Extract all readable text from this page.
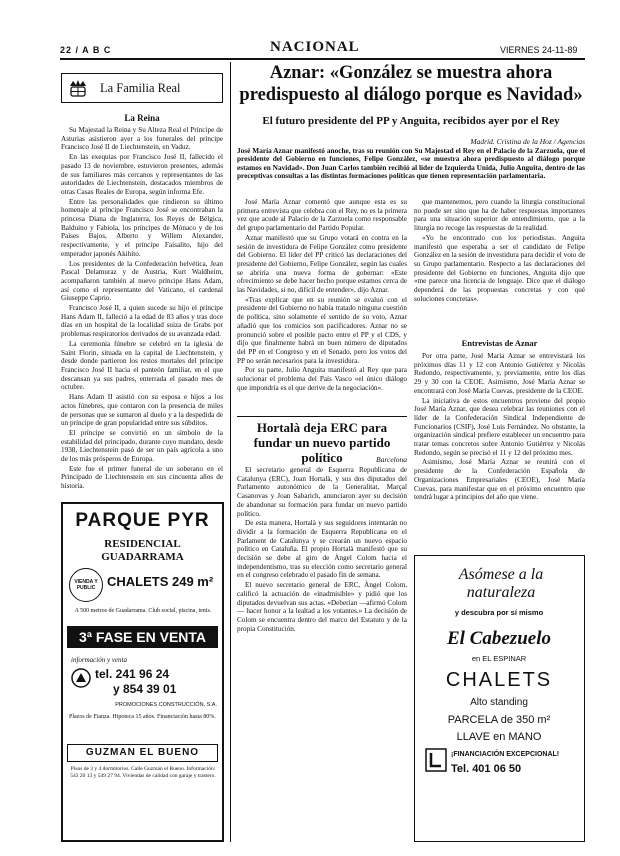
22 / A B C	NACIONAL	VIERNES 24-11-89
La Familia Real
La Reina

Su Majestad la Reina y Su Alteza Real el Príncipe de Asturias asistieron ayer a los funerales del príncipe Francisco José II de Liechtenstein, en Vaduz.

En las exequias por Francisco José II, fallecido el pasado 13 de noviembre, estuvieron presentes, además de sus familiares más cercanos y representantes de las autoridades de Liechtenstein, destacados miembros de otras Casas Reales de Europa, según informa Efe.

Entre las personalidades que rindieron su último homenaje al príncipe Francisco José se encontraban la princesa Diana de Inglaterra, los Reyes de Bélgica, Balduino y Fabiola, los príncipes de Mónaco y de los Países Bajos, Alberto y Willem Alexander, respectivamente, y el príncipe Faisalito, hijo del emperador japonés Akihito.

Los presidentes de la Confederación helvética, Jean Pascal Delamuraz y de Austria, Kurt Waldheim, acompañaron también al nuevo príncipe Hans Adam, así como el representante del Vaticano, el cardenal Giuseppe Caprio.

Francisco José II, a quien sucede su hijo el príncipe Hans Adam II, falleció a la edad de 83 años y tras doce días en un hospital de la localidad suiza de Grabs por problemas respiratorios derivados de su avanzada edad.

La ceremonia fúnebre se celebró en la iglesia de Saint Florin, situada en la capital de Liechtenstein, y desde donde partieron los restos mortales del príncipe Francisco José II hacia el panteón familiar, en el que descansan ya sus padres, enterrada el pasado mes de octubre.

Hans Adam II asistió con su esposa e hijos a los actos fúnebres, que contaron con la presencia de miles de personas que se sumaron al duelo y a la despedida de un príncipe de gran popularidad entre sus súbditos.

El príncipe se convirtió en un símbolo de la estabilidad del principado, durante cuyo mandato, desde 1938, Liechtenstein pasó de ser un país agrícola a uno de los más prósperos de Europa.

Este fue el primer funeral de un soberano en el Principado de Liechtenstein en sus cincuenta años de historia.

PARQUE PYR
RESIDENCIAL
GUADARRAMA
VIENDA Y PUBLIC CHALETS 249 m²
A 500 metros de Guadarrama. Club social, piscina, tenis.
3ª FASE EN VENTA
información y venta
tel. 241 96 24
y 854 39 01
PROMOCIONES CONSTRUCCIÓN, S.A.
Plazos de Fianza. Hipoteca 15 años. Financiación hasta 80%.
GUZMAN EL BUENO
Pisos de 3 y 4 dormitorios. Calle Guzmán el Bueno. Información: 543 20 13 y 549 27 94. Viviendas de calidad con garaje y trastero.
Aznar: «González se muestra ahora predispuesto al diálogo porque es Navidad»
El futuro presidente del PP y Anguita, recibidos ayer por el Rey
Madrid. Cristina de la Hoz / Agencias
José María Aznar manifestó anoche, tras su reunión con Su Majestad el Rey en el Palacio de la Zarzuela, que el presidente del Gobierno en funciones, Felipe González, «se muestra ahora predispuesto al diálogo porque estamos en Navidad». Don Juan Carlos también recibió al líder de Izquierda Unida, Julio Anguita, dentro de las preceptivas consultas a las distintas formaciones políticas que tienen representación parlamentaria.

José María Aznar comentó que aunque esta es su primera entrevista que celebra con el Rey, no es la primera vez que acude al Palacio de la Zarzuela como responsable del grupo parlamentario del Partido Popular.

Aznar manifestó que su Grupo votará en contra en la sesión de investidura de Felipe González como presidente del Gobierno. El líder del PP criticó las declaraciones del presidente del Gobierno, Felipe González, según las cuales se abriría una nueva forma de gobernar: «Este ofrecimiento se debe hacer hecho porque estamos cerca de las Navidades, si no, difícil de entender», dijo Aznar.

«Tras explicar que en su reunión se evaluó con el presidente del Gobierno no había tratado ninguna cuestión de política, sino solamente el sentido de su voto, Aznar añadió que los comicios son pacificadores. Aznar no se pronunció sobre el posible pacto entre el PP y el CDS, y dijo que finalmente habrá un buen número de diputados del PP en el Congreso y en el Senado, pero los votos del PP no serán necesarios para la investidura.

Por su parte, Julio Anguita manifestó al Rey que para solucionar el problema del País Vasco «el único diálogo que impondría es el que derive de la negociación».

que mantenemos, pero cuando la liturgia constitucional no puede ser sino que ha de haber respuestas importantes para una situación superior de entendimiento, que a la liturgia no recoge las respuestas de la realidad.

«Yo he encontrado con los periodistas. Anguita manifestó que esperaba a ser el candidato de Felipe González en la sesión de investidura para decidir el voto de su Grupo parlamentario. Respecto a las declaraciones del presidente del Gobierno en funciones, Anguita dijo que «me parece una licencia de lenguaje. Dice que el diálogo dependerá de las propuestas concretas y con qué soluciones concretas».

Entrevistas de Aznar

Por otra parte, José María Aznar se entrevistará los próximos días 11 y 12 con Antonio Gutiérrez y Nicolás Redondo, respectivamente, y, previamente, entre los días 29 y 30 con la CEOE. Asimismo, José María Aznar se encontrará con José María Cuevas, presidente de la CEOE.

La iniciativa de estos encuentros proviene del propio José María Aznar, que desea celebrar las reuniones con el líder de la Confederación Sindical Independiente de Funcionarios (CSIF), José Luis Fernández. No obstante, la organización sindical prefiere establecer un encuentro para tratar temas concretos sobre Antonio Gutiérrez y Nicolás Redondo, según se precisó el 11 y 12 del próximo mes.

Asimismo, José María Aznar se reunirá con el presidente de la Confederación Española de Organizaciones Empresariales (CEOE), José María Cuevas, para manifestar que en el próximo encuentro que tendrá lugar a principios del año que viene.

Hortalà deja ERC para fundar un nuevo partido político	Barcelona

El secretario general de Esquerra Republicana de Catalunya (ERC), Joan Hortalà, y sus dos diputados del Parlamento autonómico de la Generalitat, Marçal Casanovas y Joan Sabarich, anunciaron ayer su decisión de abandonar su formación para fundar un nuevo partido político.

De esta manera, Hortalà y sus seguidores intentarán no dividir a la formación de Esquerra Republicana en el Parlament de Catalunya y se crearán un nuevo espacio político en Cataluña. El propio Hortalà manifestó que su decisión se debe al giro de Àngel Colom hacia el independentismo, tras su elección como secretario general en el congreso celebrado el pasado fin de semana.

El nuevo secretario general de ERC, Àngel Colom, calificó la actuación de «inadmisible» y pidió que los diputados devuelvan sus actas. «Deberían —afirmó Colom— hacer honor a la lealtad a los votantes.» La decisión de Colom se encuentra dentro del marco del Estatuto y de la propia Constitución.

Asómese a la naturaleza
y descubra por sí mismo
El Cabezuelo
en EL ESPINAR
CHALETS
Alto standing
PARCELA de 350 m²
LLAVE en MANO
¡FINANCIACIÓN EXCEPCIONAL!
Tel. 401 06 50
